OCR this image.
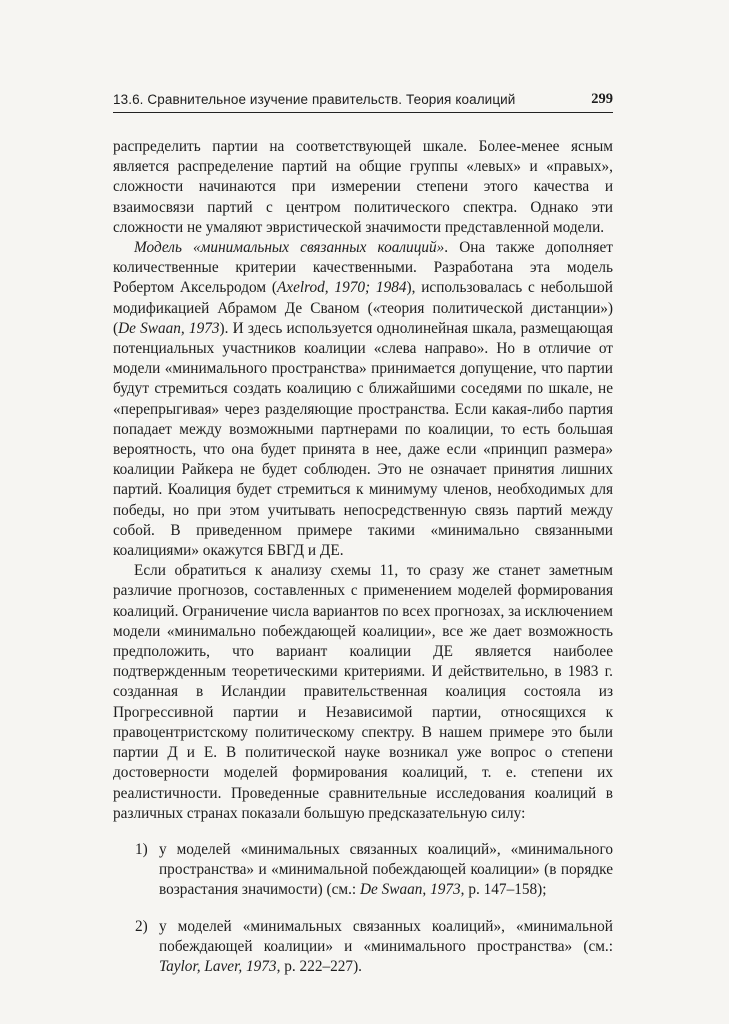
13.6. Сравнительное изучение правительств. Теория коалиций	299

распределить партии на соответствующей шкале. Более-менее ясным является распределение партий на общие группы «левых» и «правых», сложности начинаются при измерении степени этого качества и взаимосвязи партий с центром политического спектра. Однако эти сложности не умаляют эвристической значимости представленной модели.

Модель «минимальных связанных коалиций». Она также дополняет количественные критерии качественными. Разработана эта модель Робертом Аксельродом (Axelrod, 1970; 1984), использовалась с небольшой модификацией Абрамом Де Сваном («теория политической дистанции») (De Swaan, 1973). И здесь используется однолинейная шкала, размещающая потенциальных участников коалиции «слева направо». Но в отличие от модели «минимального пространства» принимается допущение, что партии будут стремиться создать коалицию с ближайшими соседями по шкале, не «перепрыгивая» через разделяющие пространства. Если какая-либо партия попадает между возможными партнерами по коалиции, то есть большая вероятность, что она будет принята в нее, даже если «принцип размера» коалиции Райкера не будет соблюден. Это не означает принятия лишних партий. Коалиция будет стремиться к минимуму членов, необходимых для победы, но при этом учитывать непосредственную связь партий между собой. В приведенном примере такими «минимально связанными коалициями» окажутся БВГД и ДЕ.

Если обратиться к анализу схемы 11, то сразу же станет заметным различие прогнозов, составленных с применением моделей формирования коалиций. Ограничение числа вариантов по всех прогнозах, за исключением модели «минимально побеждающей коалиции», все же дает возможность предположить, что вариант коалиции ДЕ является наиболее подтвержденным теоретическими критериями. И действительно, в 1983 г. созданная в Исландии правительственная коалиция состояла из Прогрессивной партии и Независимой партии, относящихся к правоцентристскому политическому спектру. В нашем примере это были партии Д и Е. В политической науке возникал уже вопрос о степени достоверности моделей формирования коалиций, т. е. степени их реалистичности. Проведенные сравнительные исследования коалиций в различных странах показали большую предсказательную силу:

1) у моделей «минимальных связанных коалиций», «минимального пространства» и «минимальной побеждающей коалиции» (в порядке возрастания значимости) (см.: De Swaan, 1973, p. 147–158);
2) у моделей «минимальных связанных коалиций», «минимальной побеждающей коалиции» и «минимального пространства» (см.: Taylor, Laver, 1973, p. 222–227).
